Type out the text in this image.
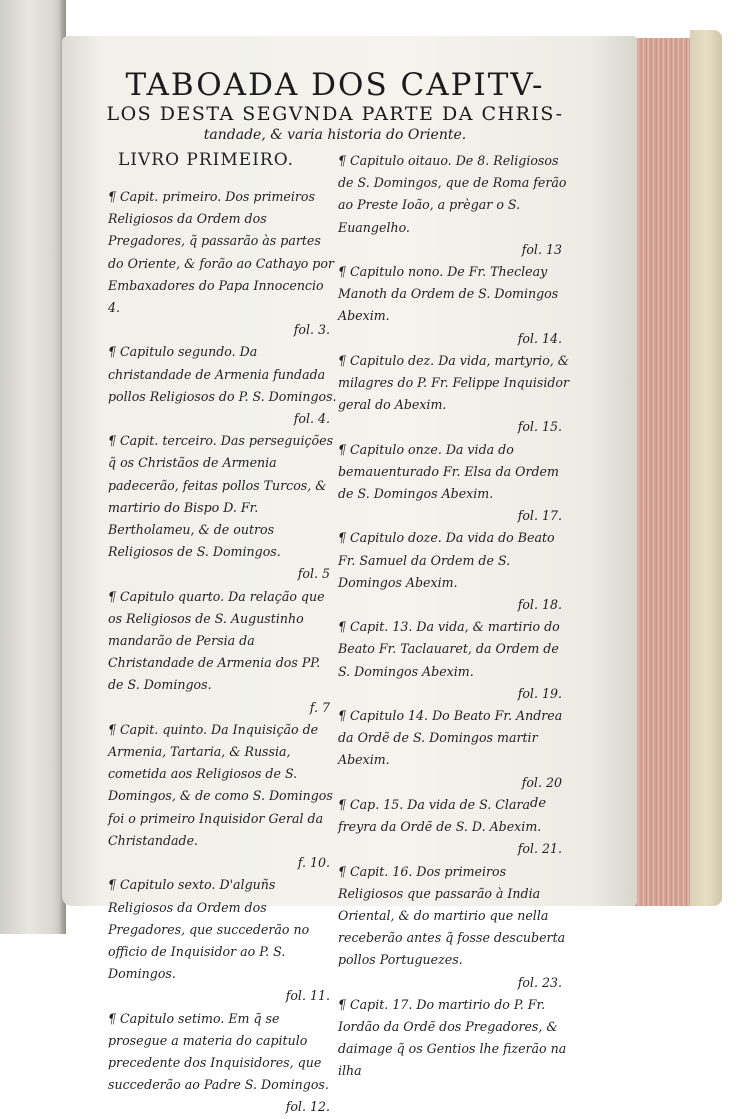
TABOADA DOS CAPITV-
LOS DESTA SEGVNDA PARTE DA CHRIS-
tandade, & varia historia do Oriente.
LIVRO PRIMEIRO.
¶ Capit. primeiro. Dos primeiros Religiosos da Ordem dos Pregadores, q̃ passarão às partes do Oriente, & forão ao Cathayo por Embaxadores do Papa Innocencio 4.
fol. 3.
¶ Capitulo segundo. Da christandade de Armenia fundada pollos Religiosos do P. S. Domingos.
fol. 4.
¶ Capit. terceiro. Das perseguições q̃ os Christãos de Armenia padecerão, feitas pollos Turcos, & martirio do Bispo D. Fr. Bertholameu, & de outros Religiosos de S. Domingos.
fol. 5
¶ Capitulo quarto. Da relação que os Religiosos de S. Augustinho mandarão de Persia da Christandade de Armenia dos PP. de S. Domingos.
f. 7
¶ Capit. quinto. Da Inquisição de Armenia, Tartaria, & Russia, cometida aos Religiosos de S. Domingos, & de como S. Domingos foi o primeiro Inquisidor Geral da Christandade.
f. 10.
¶ Capitulo sexto. D'alguñs Religiosos da Ordem dos Pregadores, que succederão no officio de Inquisidor ao P. S. Domingos.
fol. 11.
¶ Capitulo setimo. Em q̃ se prosegue a materia do capitulo precedente dos Inquisidores, que succederão ao Padre S. Domingos.
fol. 12.
¶ Capitulo oitauo. De 8. Religiosos de S. Domingos, que de Roma ferão ao Preste Ioão, a prègar o S. Euangelho.
fol. 13
¶ Capitulo nono. De Fr. Thecleay Manoth da Ordem de S. Domingos Abexim.
fol. 14.
¶ Capitulo dez. Da vida, martyrio, & milagres do P. Fr. Felippe Inquisidor geral do Abexim.
fol. 15.
¶ Capitulo onze. Da vida do bemauenturado Fr. Elsa da Ordem de S. Domingos Abexim.
fol. 17.
¶ Capitulo doze. Da vida do Beato Fr. Samuel da Ordem de S. Domingos Abexim.
fol. 18.
¶ Capit. 13. Da vida, & martirio do Beato Fr. Taclauaret, da Ordem de S. Domingos Abexim.
fol. 19.
¶ Capitulo 14. Do Beato Fr. Andrea da Ordẽ de S. Domingos martir Abexim.
fol. 20
¶ Cap. 15. Da vida de S. Clara freyra da Ordẽ de S. D. Abexim.
fol. 21.
¶ Capit. 16. Dos primeiros Religiosos que passarão à India Oriental, & do martirio que nella receberão antes q̃ fosse descuberta pollos Portuguezes.
fol. 23.
¶ Capit. 17. Do martirio do P. Fr. Iordão da Ordẽ dos Pregadores, & daimage q̃ os Gentios lhe fizerão na ilha
de
